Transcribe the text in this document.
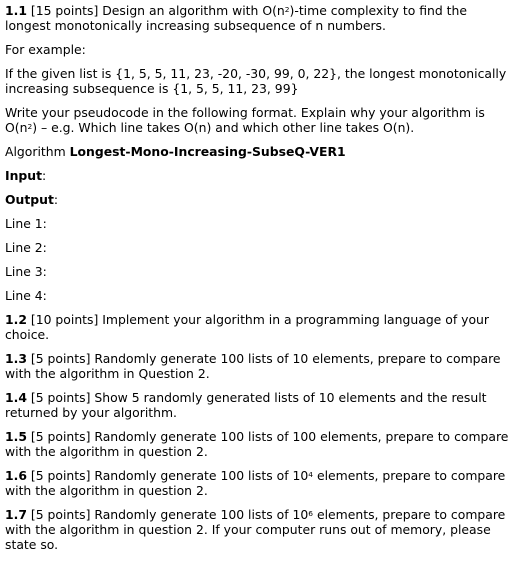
1.1 [15 points] Design an algorithm with $O(n^2)$-time complexity to find the longest monotonically increasing subsequence of n numbers.
For example:
If the given list is {1, 5, 5, 11, 23, -20, -30, 99, 0, 22}, the longest monotonically increasing subsequence is {1, 5, 5, 11, 23, 99}
Write your pseudocode in the following format. Explain why your algorithm is $O(n^2) - e.g$. Which line takes O(n) and which other line takes O(n).
Algorithm Longest-Mono-Increasing-SubseQ-VER1
Input:
Output:
Line 1:
Line 2:
Line 3:
Line 4:
1.2 [10 points] Implement your algorithm in a programming language of your choice.
1.3 [5 points] Randomly generate 100 lists of 10 elements, prepare to compare with the algorithm in Question 2.
1.4 [5 points] Show 5 randomly generated lists of 10 elements and the result returned by your algorithm.
1.5 [5 points] Randomly generate 100 lists of 100 elements, prepare to compare with the algorithm in question 2.
1.6 [5 points] Randomly generate 100 lists of $10^4$ elements, prepare to compare with the algorithm in question 2.
1.7 [5 points] Randomly generate 100 lists of $10^6$ elements, prepare to compare with the algorithm in question 2. If your computer runs out of memory, please state so.
